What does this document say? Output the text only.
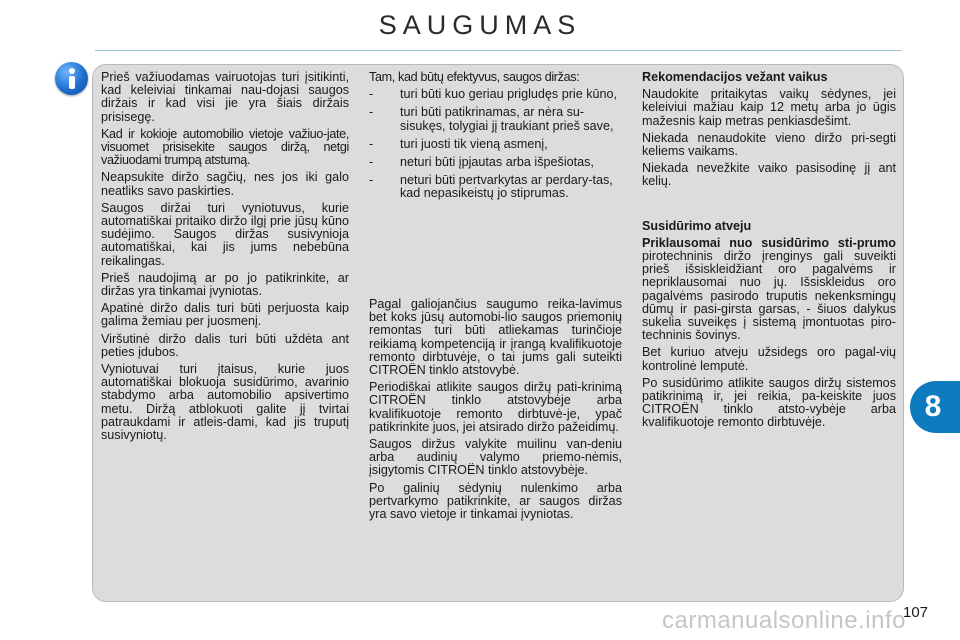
SAUGUMAS

Prieš važiuodamas vairuotojas turi įsitikinti, kad keleiviai tinkamai nau-dojasi saugos diržais ir kad visi jie yra šiais diržais prisisegę.

Kad ir kokioje automobilio vietoje važiuo-jate, visuomet prisisekite saugos diržą, netgi važiuodami trumpą atstumą.

Neapsukite diržo sagčių, nes jos iki galo neatliks savo paskirties.

Saugos diržai turi vyniotuvus, kurie automatiškai pritaiko diržo ilgį prie jūsų kūno sudėjimo. Saugos diržas susivynioja automatiškai, kai jis jums nebebūna reikalingas.

Prieš naudojimą ar po jo patikrinkite, ar diržas yra tinkamai įvyniotas.

Apatinė diržo dalis turi būti perjuosta kaip galima žemiau per juosmenį.

Viršutinė diržo dalis turi būti uždėta ant peties įdubos.

Vyniotuvai turi įtaisus, kurie juos automatiškai blokuoja susidūrimo, avarinio stabdymo arba automobilio apsivertimo metu. Diržą atblokuoti galite jį tvirtai patraukdami ir atleis-dami, kad jis truputį susivyniotų.

Tam, kad būtų efektyvus, saugos diržas:

- turi būti kuo geriau prigludęs prie kūno,
- turi būti patikrinamas, ar nėra su-sisukęs, tolygiai jį traukiant prieš save,
- turi juosti tik vieną asmenį,
- neturi būti įpjautas arba išpešiotas,
- neturi būti pertvarkytas ar perdary-tas, kad nepasikeistų jo stiprumas.

Pagal galiojančius saugumo reika-lavimus bet koks jūsų automobi-lio saugos priemonių remontas turi būti atliekamas turinčioje reikiamą kompetenciją ir įrangą kvalifikuotoje remonto dirbtuvėje, o tai jums gali suteikti CITROËN tinklo atstovybė.

Periodiškai atlikite saugos diržų pati-krinimą CITROËN tinklo atstovybėje arba kvalifikuotoje remonto dirbtuvė-je, ypač patikrinkite juos, jei atsirado diržo pažeidimų.

Saugos diržus valykite muilinu van-deniu arba audinių valymo priemo-nėmis, įsigytomis CITROËN tinklo atstovybėje.

Po galinių sėdynių nulenkimo arba pertvarkymo patikrinkite, ar saugos diržas yra savo vietoje ir tinkamai įvyniotas.

Rekomendacijos vežant vaikus

Naudokite pritaikytas vaikų sėdynes, jei keleiviui mažiau kaip 12 metų arba jo ūgis mažesnis kaip metras penkiasdešimt.

Niekada nenaudokite vieno diržo pri-segti keliems vaikams.

Niekada nevežkite vaiko pasisodinę jį ant kelių.

Susidūrimo atveju

Priklausomai nuo susidūrimo sti-prumo pirotechninis diržo įrenginys gali suveikti prieš išsiskleidžiant oro pagalvėms ir nepriklausomai nuo jų. Išsiskleidus oro pagalvėms pasirodo truputis nekenksmingų dūmų ir pasi-girsta garsas, - šiuos dalykus sukelia suveikęs į sistemą įmontuotas piro-techninis šovinys.

Bet kuriuo atveju užsidegs oro pagal-vių kontrolinė lemputė.

Po susidūrimo atlikite saugos diržų sistemos patikrinimą ir, jei reikia, pa-keiskite juos CITROËN tinklo atsto-vybėje arba kvalifikuotoje remonto dirbtuvėje.	8
107
carmanualsonline.info
